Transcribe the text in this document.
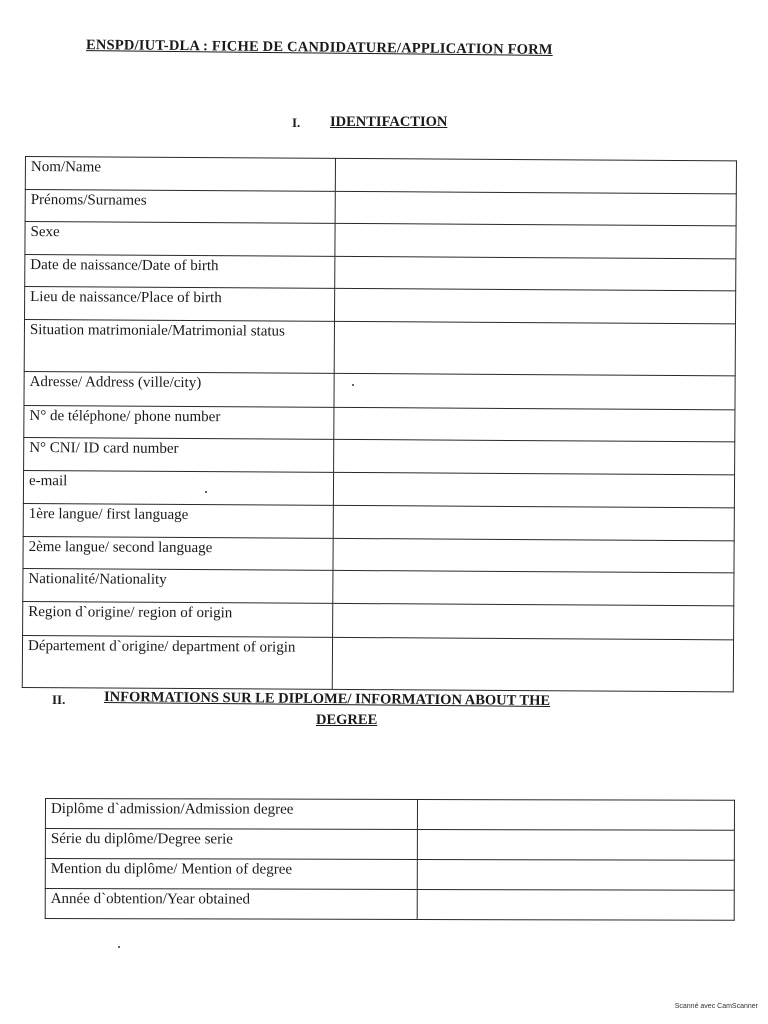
ENSPD/IUT-DLA : FICHE DE CANDIDATURE/APPLICATION FORM
I. IDENTIFACTION
Nom/Name	
Prénoms/Surnames	
Sexe	
Date de naissance/Date of birth	
Lieu de naissance/Place of birth	
Situation matrimoniale/Matrimonial status	
Adresse/ Address (ville/city)	
N° de téléphone/ phone number	
N° CNI/ ID card number	
e-mail	
1ère langue/ first language	
2ème langue/ second language	
Nationalité/Nationality	
Region d`origine/ region of origin	
Département d`origine/ department of origin	
II.	INFORMATIONS SUR LE DIPLOME/ INFORMATION ABOUT THE
DEGREE
Diplôme d`admission/Admission degree	
Série du diplôme/Degree serie	
Mention du diplôme/ Mention of degree	
Année d`obtention/Year obtained	
Scanné avec CamScanner
